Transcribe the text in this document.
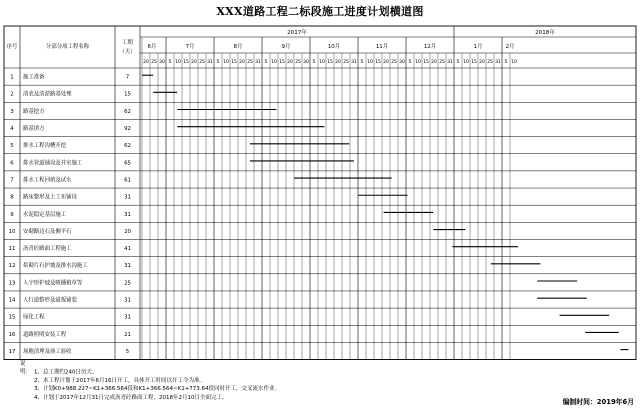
XXX道路工程二标段施工进度计划横道图
序号	分部分项工程名称
工期
（天）
6月
20 25 30
7月
5 10 15 20 25 31
8月
5 10 15 20 25 31
9月
5 10 15 20 25 30
10月
5 10 15 20 25 31
11月
5 10 15 20 25 30
12月
5 10 15 20 25 31
1月
5 10 15 20 25 31
2月
5 10
2017年	2018年
1 施工准备	7
2 清表及清淤路基处理	15
3 路基挖方	62
4 路基填方	92
5 排水工程沟槽开挖	62
6 排水管道铺设及井室施工	65
7 排水工程回填及试水	61
8 路床整形及土工布铺设	31
9 水泥稳定基层施工	31
10 安砌路边石及侧平石	20
11 沥青砼路面工程施工	41
12 浆砌片石护坡及排水沟施工	31
13 人字形护坡及喷播植草等	25
14 人行道整形及道板铺装	31
15 绿化工程	31
16 道路照明安装工程	21
17 场地清理及竣工验收	5
说明： 1、总工期约240日历天。
2、本工程计划于2017年6月16日开工，具体开工时间以开工令为准。
3、计划K0+988.227~K1+366.564段和K1+366.564~K1+773.64段同时开工，交叉流水作业。
4、计划于2017年12月31日完成沥青砼路面工程，2018年2月10日全面完工。
编制时间：2019年6月
